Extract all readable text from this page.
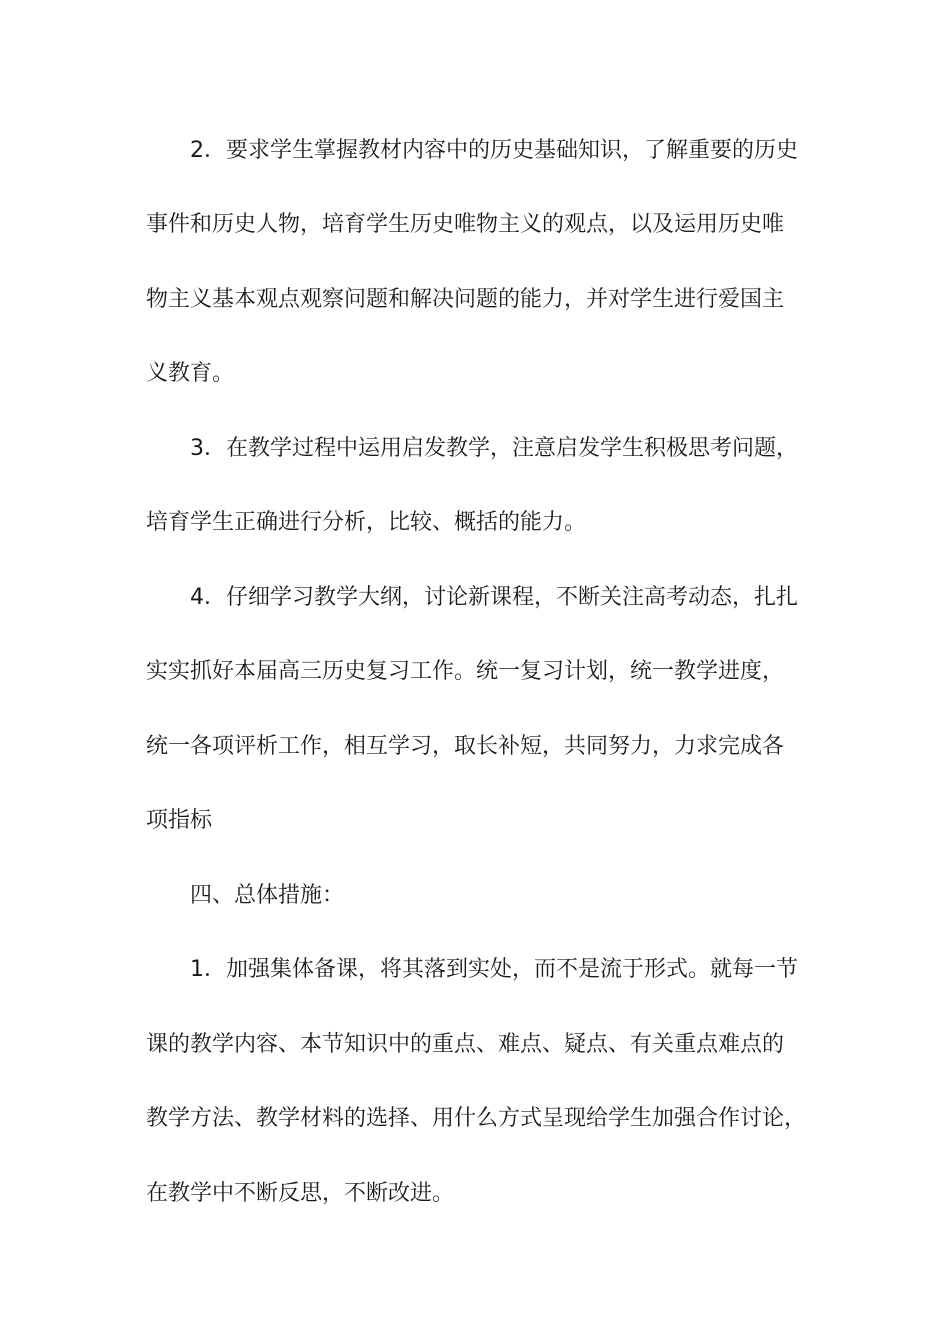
2．要求学生掌握教材内容中的历史基础知识，了解重要的历史
事件和历史人物，培育学生历史唯物主义的观点，以及运用历史唯
物主义基本观点观察问题和解决问题的能力，并对学生进行爱国主
义教育。
3．在教学过程中运用启发教学，注意启发学生积极思考问题，
培育学生正确进行分析，比较、概括的能力。
4．仔细学习教学大纲，讨论新课程，不断关注高考动态，扎扎
实实抓好本届高三历史复习工作。统一复习计划，统一教学进度，
统一各项评析工作，相互学习，取长补短，共同努力，力求完成各
项指标
四、总体措施：
1．加强集体备课，将其落到实处，而不是流于形式。就每一节
课的教学内容、本节知识中的重点、难点、疑点、有关重点难点的
教学方法、教学材料的选择、用什么方式呈现给学生加强合作讨论，
在教学中不断反思，不断改进。
